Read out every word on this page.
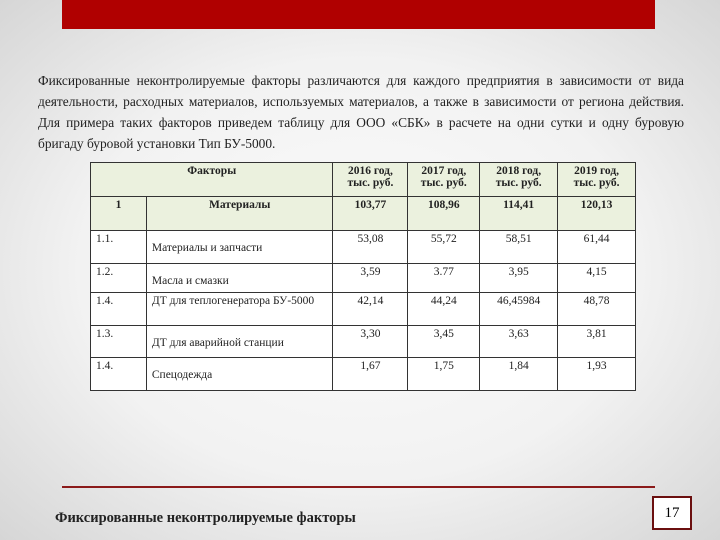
Фиксированные неконтролируемые факторы различаются для каждого предприятия в зависимости от вида деятельности, расходных материалов, используемых материалов, а также в зависимости от региона действия. Для примера таких факторов приведем таблицу для ООО «СБК» в расчете на одни сутки и одну буровую бригаду буровой установки Тип БУ-5000.
Факторы		2016 год, тыс. руб.	2017 год, тыс. руб.	2018 год, тыс. руб.	2019 год, тыс. руб.
1	Материалы	103,77	108,96	114,41	120,13
1.1.	Материалы и запчасти	53,08	55,72	58,51	61,44
1.2.	Масла и смазки	3,59	3.77	3,95	4,15
1.4.	ДТ для теплогенератора БУ-5000	42,14	44,24	46,45984	48,78
1.3.	ДТ для аварийной станции	3,30	3,45	3,63	3,81
1.4.	Спецодежда	1,67	1,75	1,84	1,93
Фиксированные неконтролируемые факторы	17
